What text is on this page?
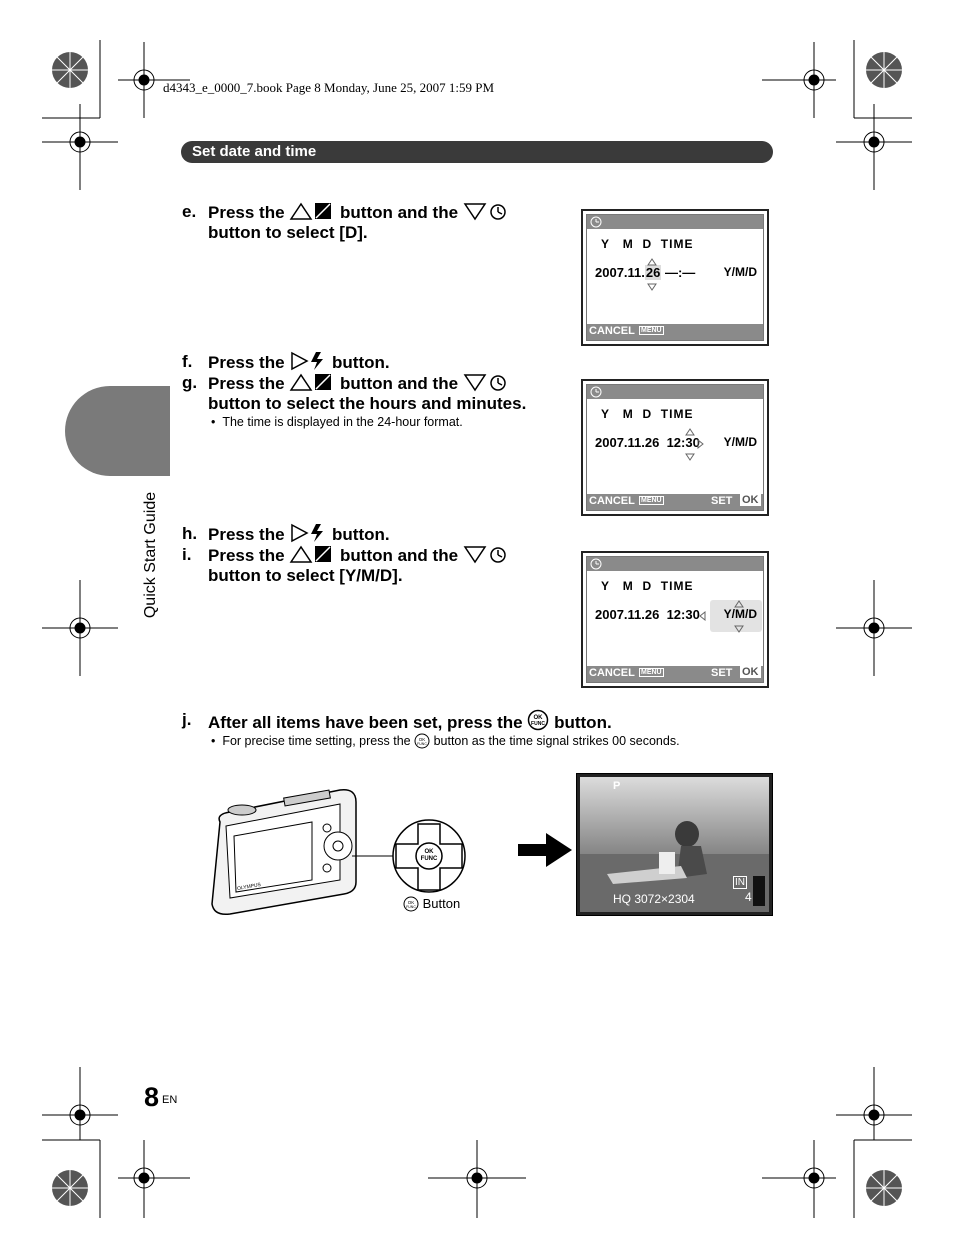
d4343_e_0000_7.book Page 8 Monday, June 25, 2007 1:59 PM
Set date and time
Quick Start Guide
e. Press the	button and the
button to select [D].
f. Press the	button.
g. Press the	button and the
button to select the hours and minutes.
•  The time is displayed in the 24-hour format.
h. Press the	button.
i. Press the	button and the
button to select [Y/M/D].
j. After all items have been set, press the OK
FUNC button.
•  For precise time setting, press the OK
FUNC button as the time signal strikes 00 seconds.
Y   M  D  TIME
2007.11.26 —:— Y/M/D
CANCEL MENU
Y   M  D  TIME
2007.11.26  12:30 Y/M/D
CANCEL MENU	SET OK
Y   M  D  TIME
2007.11.26  12:30 Y/M/D
CANCEL MENU	SET OK
OK FUNC
OLYMPUS
OK
FUNC Button
P
HQ 3072×2304
IN
4
8 EN
